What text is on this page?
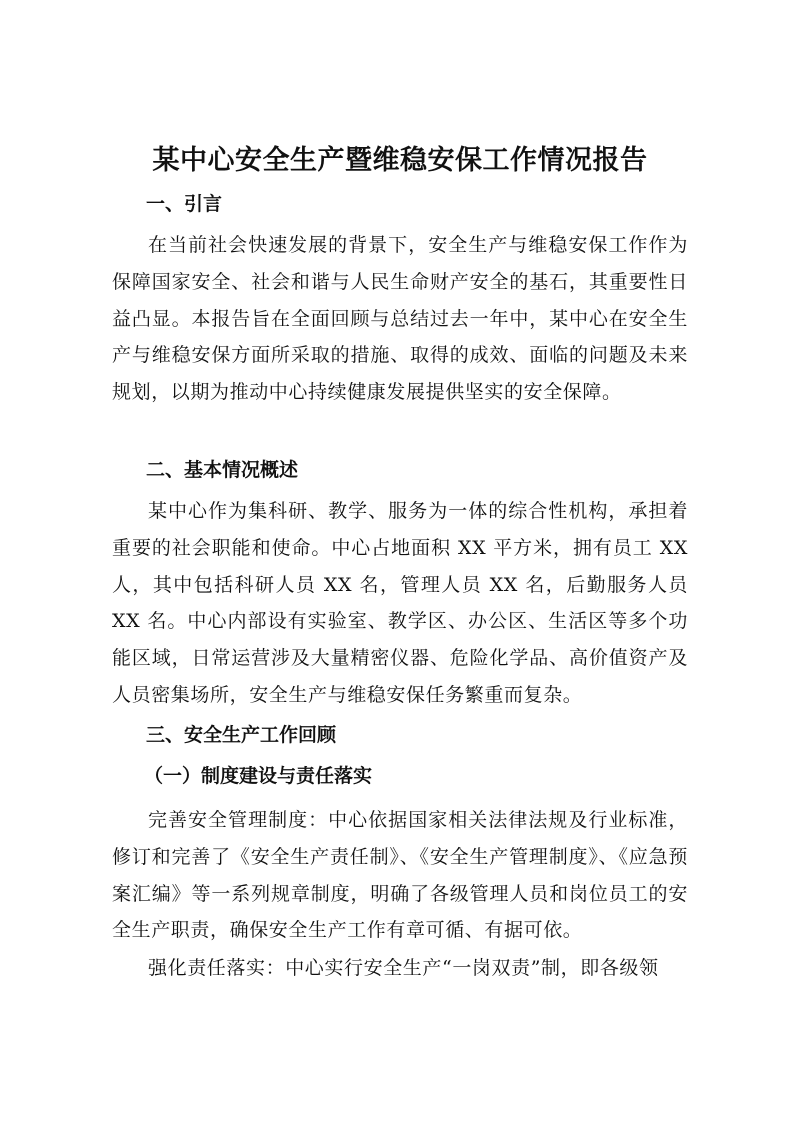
某中心安全生产暨维稳安保工作情况报告
一、引言

在当前社会快速发展的背景下，安全生产与维稳安保工作作为保障国家安全、社会和谐与人民生命财产安全的基石，其重要性日益凸显。本报告旨在全面回顾与总结过去一年中，某中心在安全生产与维稳安保方面所采取的措施、取得的成效、面临的问题及未来规划，以期为推动中心持续健康发展提供坚实的安全保障。

二、基本情况概述

某中心作为集科研、教学、服务为一体的综合性机构，承担着重要的社会职能和使命。中心占地面积 XX 平方米，拥有员工 XX 人，其中包括科研人员 XX 名，管理人员 XX 名，后勤服务人员 XX 名。中心内部设有实验室、教学区、办公区、生活区等多个功能区域，日常运营涉及大量精密仪器、危险化学品、高价值资产及人员密集场所，安全生产与维稳安保任务繁重而复杂。

三、安全生产工作回顾
（一）制度建设与责任落实

完善安全管理制度：中心依据国家相关法律法规及行业标准，修订和完善了《安全生产责任制》、《安全生产管理制度》、《应急预案汇编》等一系列规章制度，明确了各级管理人员和岗位员工的安全生产职责，确保安全生产工作有章可循、有据可依。

强化责任落实：中心实行安全生产“一岗双责”制，即各级领
